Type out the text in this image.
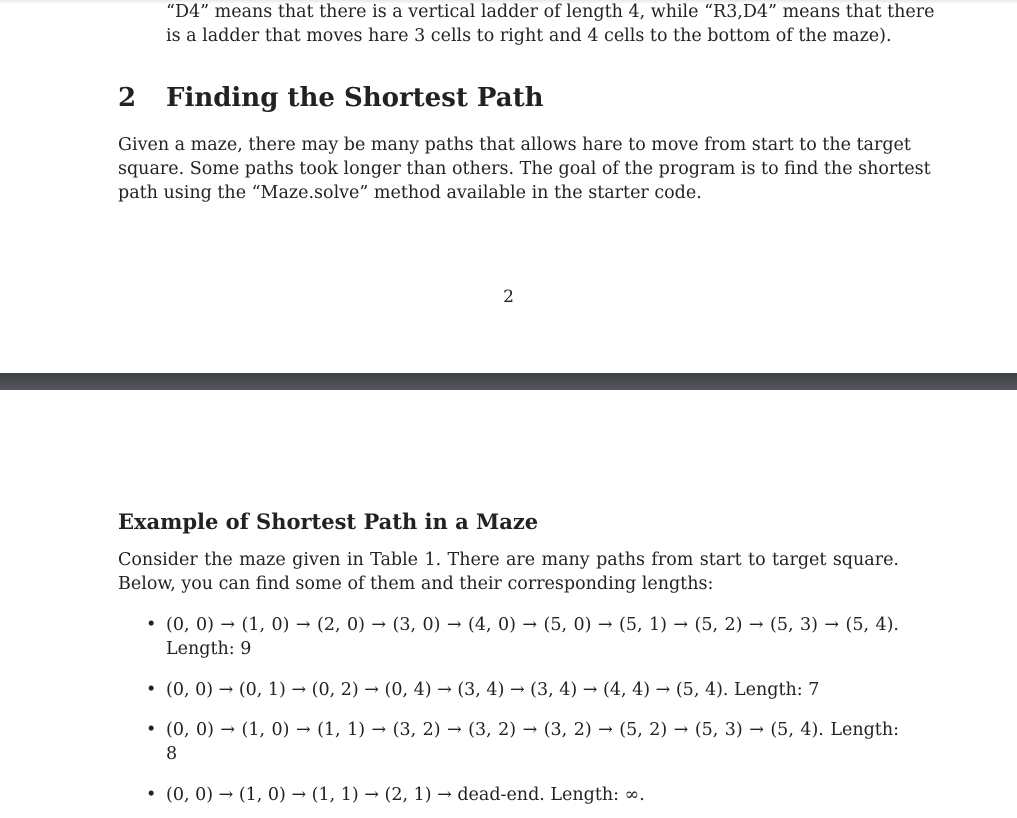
“D4” means that there is a vertical ladder of length 4, while “R3,D4” means that there
is a ladder that moves hare 3 cells to right and 4 cells to the bottom of the maze).
2 Finding the Shortest Path
Given a maze, there may be many paths that allows hare to move from start to the target
square. Some paths took longer than others. The goal of the program is to find the shortest
path using the “Maze.solve” method available in the starter code.
2
Example of Shortest Path in a Maze
Consider the maze given in Table 1. There are many paths from start to target square.
Below, you can find some of them and their corresponding lengths:
• (0, 0) → (1, 0) → (2, 0) → (3, 0) → (4, 0) → (5, 0) → (5, 1) → (5, 2) → (5, 3) → (5, 4).
Length: 9
• (0, 0) → (0, 1) → (0, 2) → (0, 4) → (3, 4) → (3, 4) → (4, 4) → (5, 4). Length: 7
• (0, 0) → (1, 0) → (1, 1) → (3, 2) → (3, 2) → (3, 2) → (5, 2) → (5, 3) → (5, 4). Length:
8
• (0, 0) → (1, 0) → (1, 1) → (2, 1) → dead-end. Length: ∞.
